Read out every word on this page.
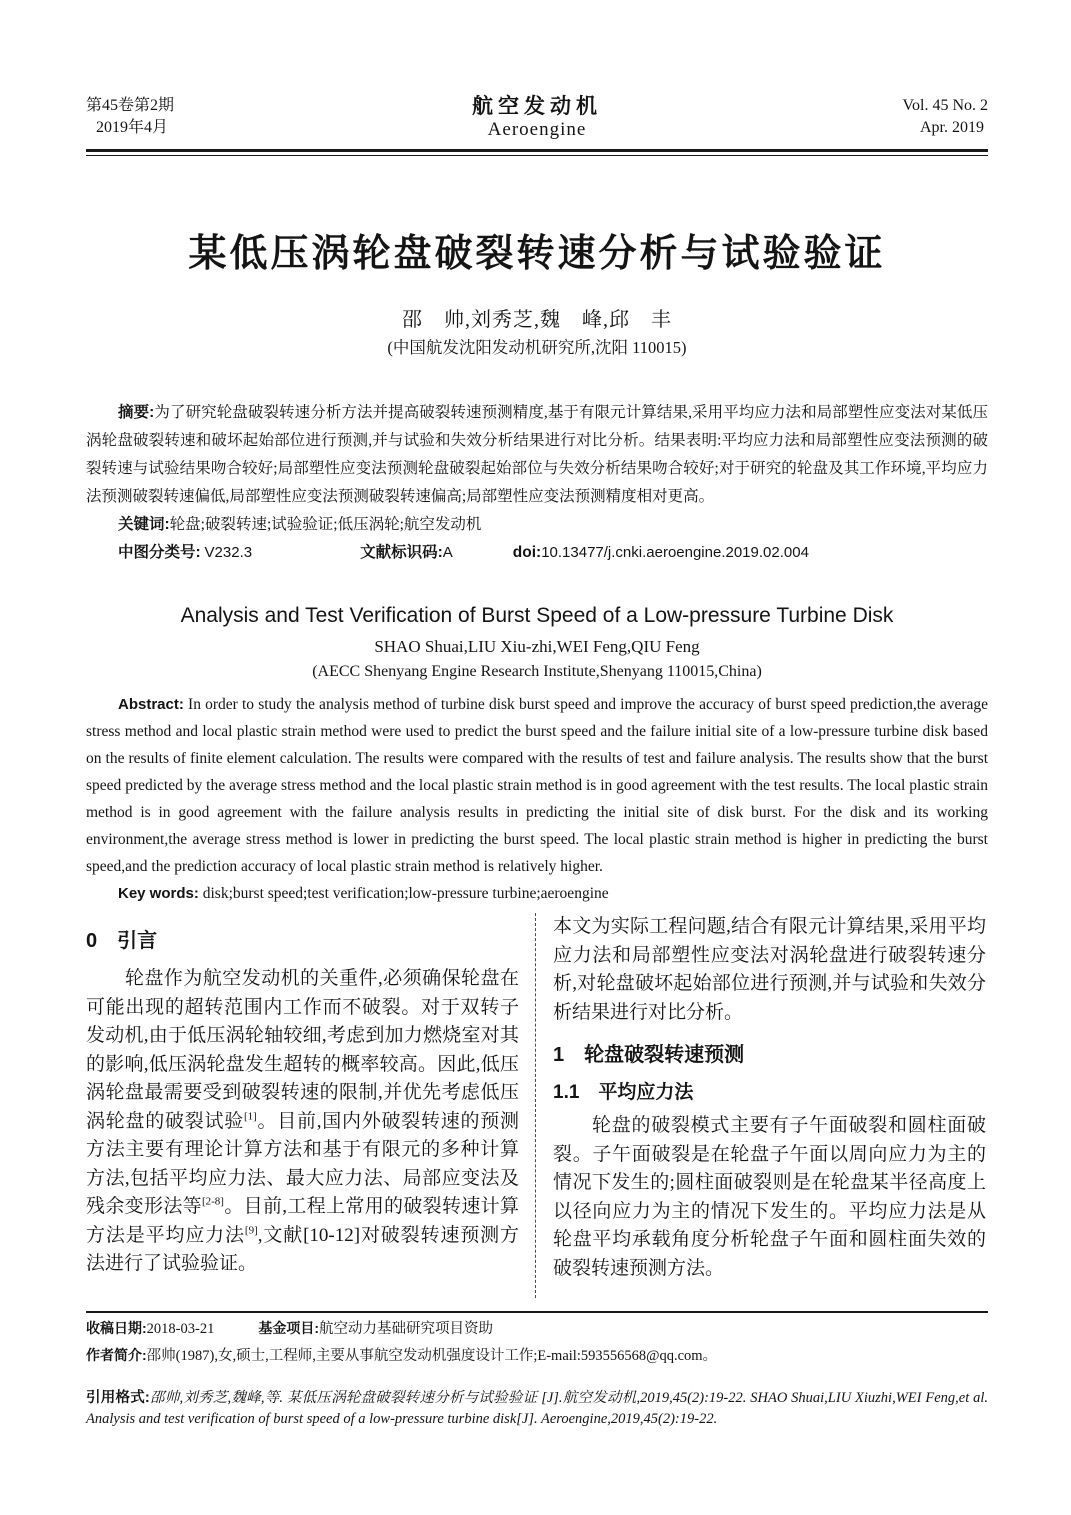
第45卷第2期
2019年4月
航空发动机
Aeroengine
Vol. 45 No. 2
Apr. 2019
某低压涡轮盘破裂转速分析与试验验证
邵　帅,刘秀芝,魏　峰,邱　丰
(中国航发沈阳发动机研究所,沈阳 110015)

摘要:为了研究轮盘破裂转速分析方法并提高破裂转速预测精度,基于有限元计算结果,采用平均应力法和局部塑性应变法对某低压涡轮盘破裂转速和破坏起始部位进行预测,并与试验和失效分析结果进行对比分析。结果表明:平均应力法和局部塑性应变法预测的破裂转速与试验结果吻合较好;局部塑性应变法预测轮盘破裂起始部位与失效分析结果吻合较好;对于研究的轮盘及其工作环境,平均应力法预测破裂转速偏低,局部塑性应变法预测破裂转速偏高;局部塑性应变法预测精度相对更高。

关键词:轮盘;破裂转速;试验验证;低压涡轮;航空发动机

中图分类号: V232.3	文献标识码:A	doi:10.13477/j.cnki.aeroengine.2019.02.004

Analysis and Test Verification of Burst Speed of a Low-pressure Turbine Disk
SHAO Shuai,LIU Xiu-zhi,WEI Feng,QIU Feng
(AECC Shenyang Engine Research Institute,Shenyang 110015,China)

Abstract: In order to study the analysis method of turbine disk burst speed and improve the accuracy of burst speed prediction,the average stress method and local plastic strain method were used to predict the burst speed and the failure initial site of a low-pressure turbine disk based on the results of finite element calculation. The results were compared with the results of test and failure analysis. The results show that the burst speed predicted by the average stress method and the local plastic strain method is in good agreement with the test results. The local plastic strain method is in good agreement with the failure analysis results in predicting the initial site of disk burst. For the disk and its working environment,the average stress method is lower in predicting the burst speed. The local plastic strain method is higher in predicting the burst speed,and the prediction accuracy of local plastic strain method is relatively higher.

Key words: disk;burst speed;test verification;low-pressure turbine;aeroengine

0　引言

轮盘作为航空发动机的关重件,必须确保轮盘在可能出现的超转范围内工作而不破裂。对于双转子发动机,由于低压涡轮轴较细,考虑到加力燃烧室对其的影响,低压涡轮盘发生超转的概率较高。因此,低压涡轮盘最需要受到破裂转速的限制,并优先考虑低压涡轮盘的破裂试验[1]。目前,国内外破裂转速的预测方法主要有理论计算方法和基于有限元的多种计算方法,包括平均应力法、最大应力法、局部应变法及残余变形法等[2-8]。目前,工程上常用的破裂转速计算方法是平均应力法[9],文献[10-12]对破裂转速预测方法进行了试验验证。

本文为实际工程问题,结合有限元计算结果,采用平均应力法和局部塑性应变法对涡轮盘进行破裂转速分析,对轮盘破坏起始部位进行预测,并与试验和失效分析结果进行对比分析。

1　轮盘破裂转速预测
1.1　平均应力法

轮盘的破裂模式主要有子午面破裂和圆柱面破裂。子午面破裂是在轮盘子午面以周向应力为主的情况下发生的;圆柱面破裂则是在轮盘某半径高度上以径向应力为主的情况下发生的。平均应力法是从轮盘平均承载角度分析轮盘子午面和圆柱面失效的破裂转速预测方法。

收稿日期:2018-03-21	基金项目:航空动力基础研究项目资助
作者简介:邵帅(1987),女,硕士,工程师,主要从事航空发动机强度设计工作;E-mail:593556568@qq.com。

引用格式:邵帅,刘秀芝,魏峰,等. 某低压涡轮盘破裂转速分析与试验验证 [J].航空发动机,2019,45(2):19-22. SHAO Shuai,LIU Xiuzhi,WEI Feng,et al. Analysis and test verification of burst speed of a low-pressure turbine disk[J]. Aeroengine,2019,45(2):19-22.
